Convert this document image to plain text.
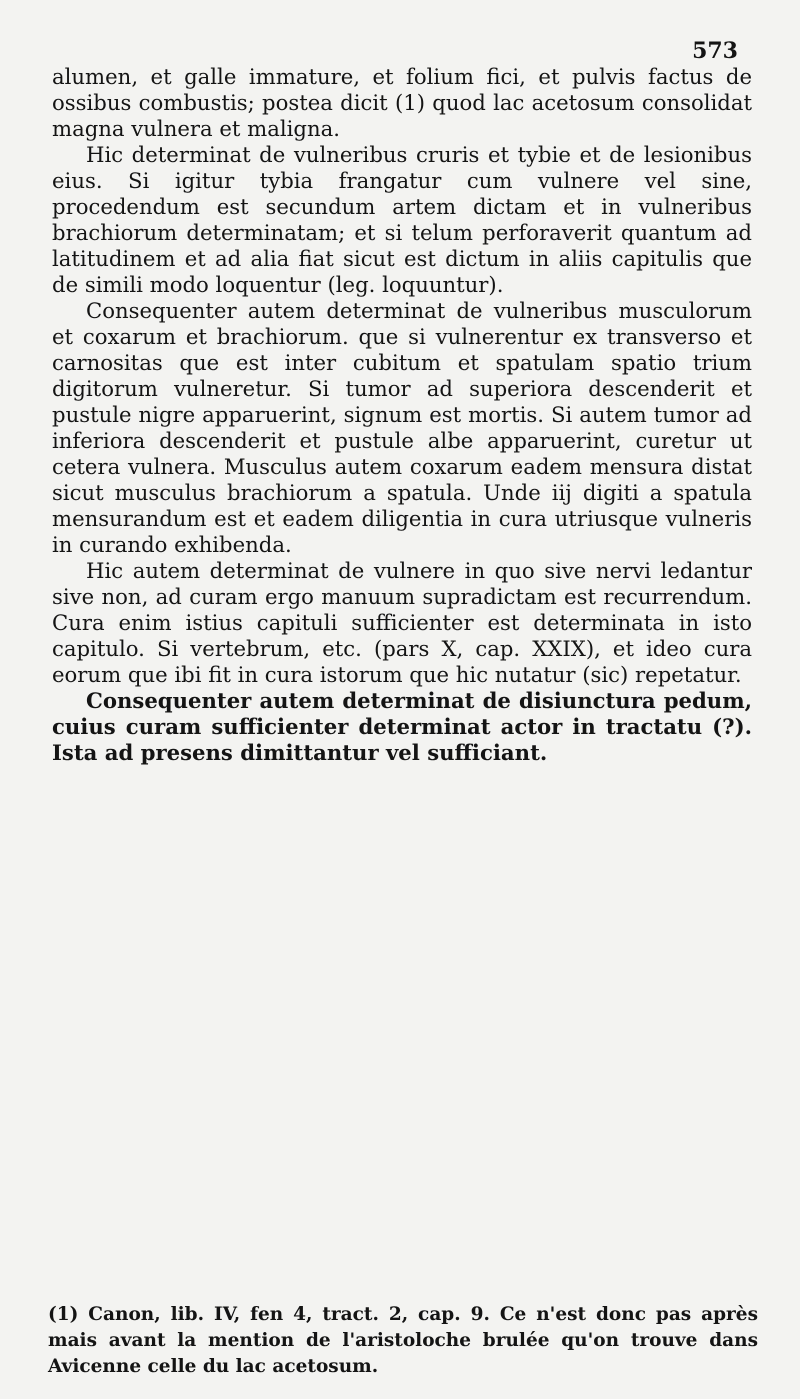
573

alumen, et galle immature, et folium fici, et pulvis factus de ossibus combustis; postea dicit (1) quod lac acetosum consolidat magna vulnera et maligna.

Hic determinat de vulneribus cruris et tybie et de lesionibus eius. Si igitur tybia frangatur cum vulnere vel sine, procedendum est secundum artem dictam et in vulneribus brachiorum determinatam; et si telum perforaverit quantum ad latitudinem et ad alia fiat sicut est dictum in aliis capitulis que de simili modo loquentur (leg. loquuntur).

Consequenter autem determinat de vulneribus musculorum et coxarum et brachiorum. que si vulnerentur ex transverso et carnositas que est inter cubitum et spatulam spatio trium digitorum vulneretur. Si tumor ad superiora descenderit et pustule nigre apparuerint, signum est mortis. Si autem tumor ad inferiora descenderit et pustule albe apparuerint, curetur ut cetera vulnera. Musculus autem coxarum eadem mensura distat sicut musculus brachiorum a spatula. Unde iij digiti a spatula mensurandum est et eadem diligentia in cura utriusque vulneris in curando exhibenda.

Hic autem determinat de vulnere in quo sive nervi ledantur sive non, ad curam ergo manuum supradictam est recurrendum. Cura enim istius capituli sufficienter est determinata in isto capitulo. Si vertebrum, etc. (pars X, cap. XXIX), et ideo cura eorum que ibi fit in cura istorum que hic nutatur (sic) repetatur.

Consequenter autem determinat de disiunctura pedum, cuius curam sufficienter determinat actor in tractatu (?). Ista ad presens dimittantur vel sufficiant.

(1) Canon, lib. IV, fen 4, tract. 2, cap. 9. Ce n'est donc pas après mais avant la mention de l'aristoloche brulée qu'on trouve dans Avicenne celle du lac acetosum.
